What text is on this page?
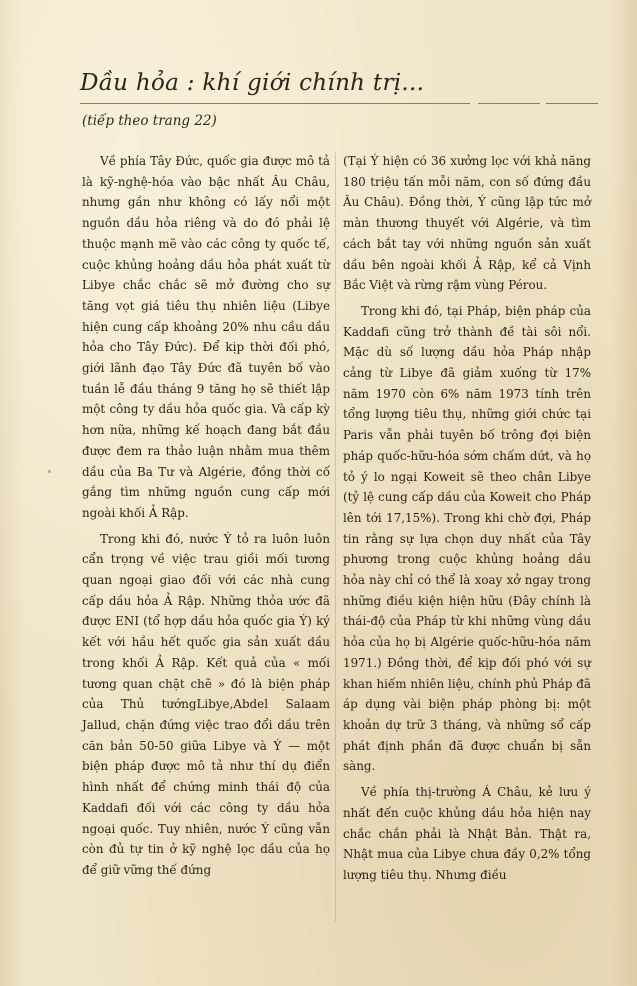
Dầu hỏa : khí giới chính trị...
(tiếp theo trang 22)

Về phía Tây Đức, quốc gia được mô tả là kỹ-nghệ-hóa vào bậc nhất Âu Châu, nhưng gần như không có lấy nổi một nguồn dầu hỏa riêng và do đó phải lệ thuộc mạnh mẽ vào các công ty quốc tế, cuộc khủng hoảng dầu hỏa phát xuất từ Libye chắc chắc sẽ mở đường cho sự tăng vọt giá tiêu thụ nhiên liệu (Libye hiện cung cấp khoảng 20% nhu cầu dầu hỏa cho Tây Đức). Để kịp thời đối phó, giới lãnh đạo Tây Đức đã tuyên bố vào tuần lễ đầu tháng 9 tăng họ sẽ thiết lập một công ty dầu hỏa quốc gia. Và cấp kỳ hơn nữa, những kế hoạch đang bắt đầu được đem ra thảo luận nhằm mua thêm dầu của Ba Tư và Algérie, đồng thời cố gắng tìm những nguồn cung cấp mới ngoài khối Ả Rập.

Trong khi đó, nước Ý tỏ ra luôn luôn cẩn trọng về việc trau giồi mối tương quan ngoại giao đối với các nhà cung cấp dầu hỏa Ả Rập. Những thỏa ước đã được ENI (tổ hợp dầu hỏa quốc gia Ý) ký kết với hầu hết quốc gia sản xuất dầu trong khối Ả Rập. Kết quả của « mối tương quan chặt chẽ » đó là biện pháp của Thủ tướngLibye,Abdel Salaam Jallud, chặn đứng việc trao đổi dầu trên căn bản 50-50 giữa Libye và Ý — một biện pháp được mô tả như thí dụ điển hình nhất để chứng minh thái độ của Kaddafi đối với các công ty dầu hỏa ngoại quốc. Tuy nhiên, nước Ý cũng vẫn còn đủ tự tin ở kỹ nghệ lọc dầu của họ để giữ vững thế đứng

(Tại Ý hiện có 36 xưởng lọc với khả năng 180 triệu tấn mỗi năm, con số đứng đầu Âu Châu). Đồng thời, Ý cũng lập tức mở màn thương thuyết với Algérie, và tìm cách bắt tay với những nguồn sản xuất dầu bên ngoài khối Ả Rập, kể cả Vịnh Bắc Việt và rừng rậm vùng Pérou.

Trong khi đó, tại Pháp, biện pháp của Kaddafi cũng trở thành đề tài sôi nổi. Mặc dù số lượng dầu hỏa Pháp nhập cảng từ Libye đã giảm xuống từ 17% năm 1970 còn 6% năm 1973 tính trên tổng lượng tiêu thụ, những giới chức tại Paris vẫn phải tuyên bố trông đợi biện pháp quốc-hữu-hóa sớm chấm dứt, và họ tỏ ý lo ngại Koweit sẽ theo chân Libye (tỷ lệ cung cấp dầu của Koweit cho Pháp lên tới 17,15%). Trong khi chờ đợi, Pháp tin rằng sự lựa chọn duy nhất của Tây phương trong cuộc khủng hoảng dầu hỏa này chỉ có thể là xoay xở ngay trong những điều kiện hiện hữu (Đây chính là thái-độ của Pháp từ khi những vùng dầu hỏa của họ bị Algérie quốc-hữu-hóa năm 1971.) Đồng thời, để kịp đối phó với sự khan hiếm nhiên liệu, chính phủ Pháp đã áp dụng vài biện pháp phòng bị: một khoản dự trữ 3 tháng, và những sổ cấp phát định phần đã được chuẩn bị sẵn sàng.

Về phía thị-trường Á Châu, kẻ lưu ý nhất đến cuộc khủng dầu hỏa hiện nay chắc chắn phải là Nhật Bản. Thật ra, Nhật mua của Libye chưa đầy 0,2% tổng lượng tiêu thụ. Nhưng điều
